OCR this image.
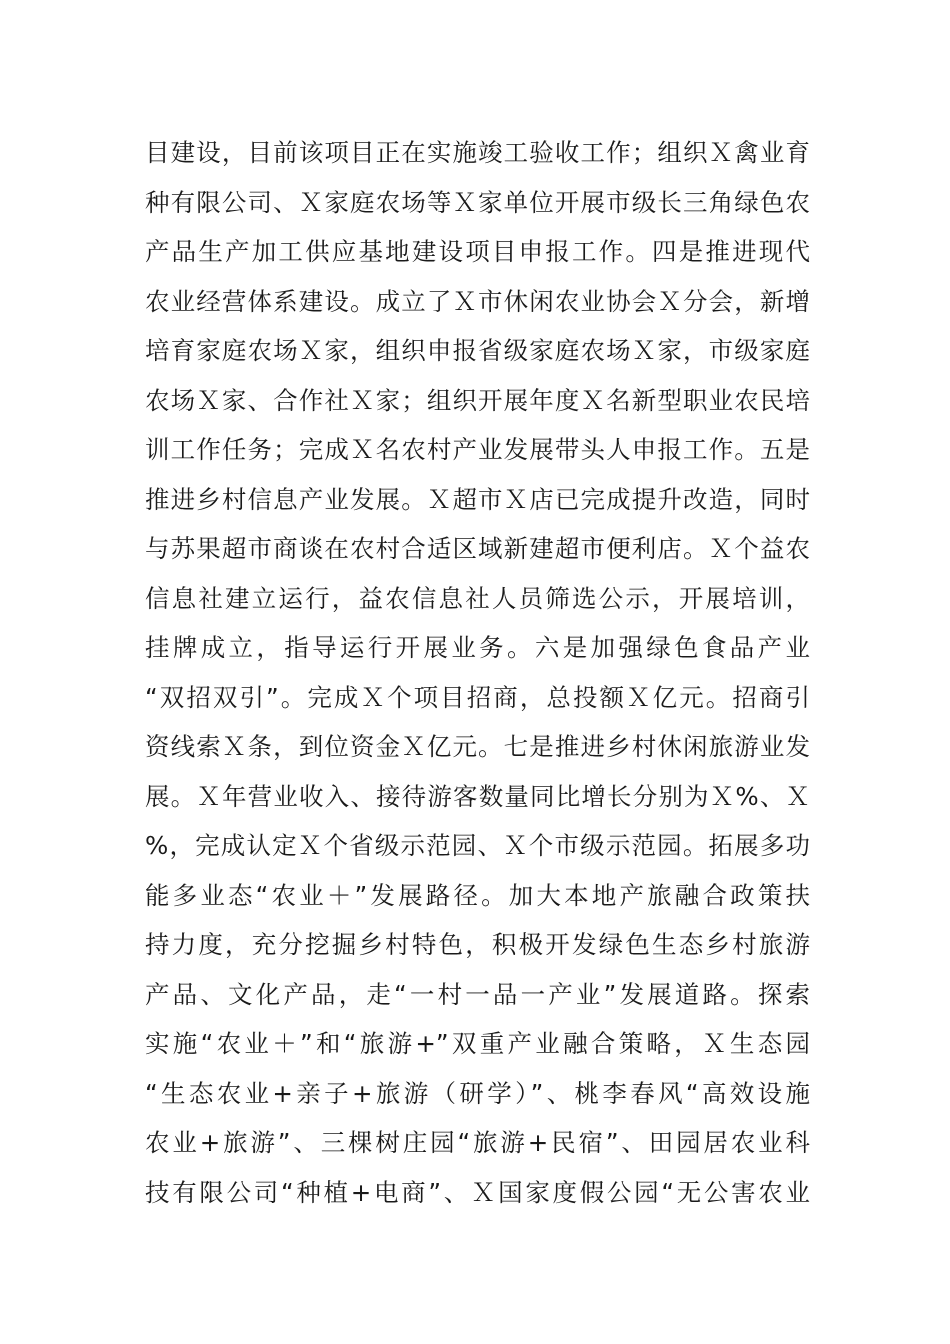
目建设，目前该项目正在实施竣工验收工作；组织Ｘ禽业育
种有限公司、Ｘ家庭农场等Ｘ家单位开展市级长三角绿色农
产品生产加工供应基地建设项目申报工作。四是推进现代
农业经营体系建设。成立了Ｘ市休闲农业协会Ｘ分会，新增
培育家庭农场Ｘ家，组织申报省级家庭农场Ｘ家，市级家庭
农场Ｘ家、合作社Ｘ家；组织开展年度Ｘ名新型职业农民培
训工作任务；完成Ｘ名农村产业发展带头人申报工作。五是
推进乡村信息产业发展。Ｘ超市Ｘ店已完成提升改造，同时
与苏果超市商谈在农村合适区域新建超市便利店。Ｘ个益农
信息社建立运行，益农信息社人员筛选公示，开展培训，
挂牌成立，指导运行开展业务。六是加强绿色食品产业
“双招双引”。完成Ｘ个项目招商，总投额Ｘ亿元。招商引
资线索Ｘ条，到位资金Ｘ亿元。七是推进乡村休闲旅游业发
展。Ｘ年营业收入、接待游客数量同比增长分别为Ｘ%、Ｘ
%，完成认定Ｘ个省级示范园、Ｘ个市级示范园。拓展多功
能多业态“农业＋”发展路径。加大本地产旅融合政策扶
持力度，充分挖掘乡村特色，积极开发绿色生态乡村旅游
产品、文化产品，走“一村一品一产业”发展道路。探索
实施“农业＋”和“旅游+”双重产业融合策略，Ｘ生态园
“生态农业+亲子+旅游（研学）”、桃李春风“高效设施
农业+旅游”、三棵树庄园“旅游+民宿”、田园居农业科
技有限公司“种植+电商”、Ｘ国家度假公园“无公害农业
